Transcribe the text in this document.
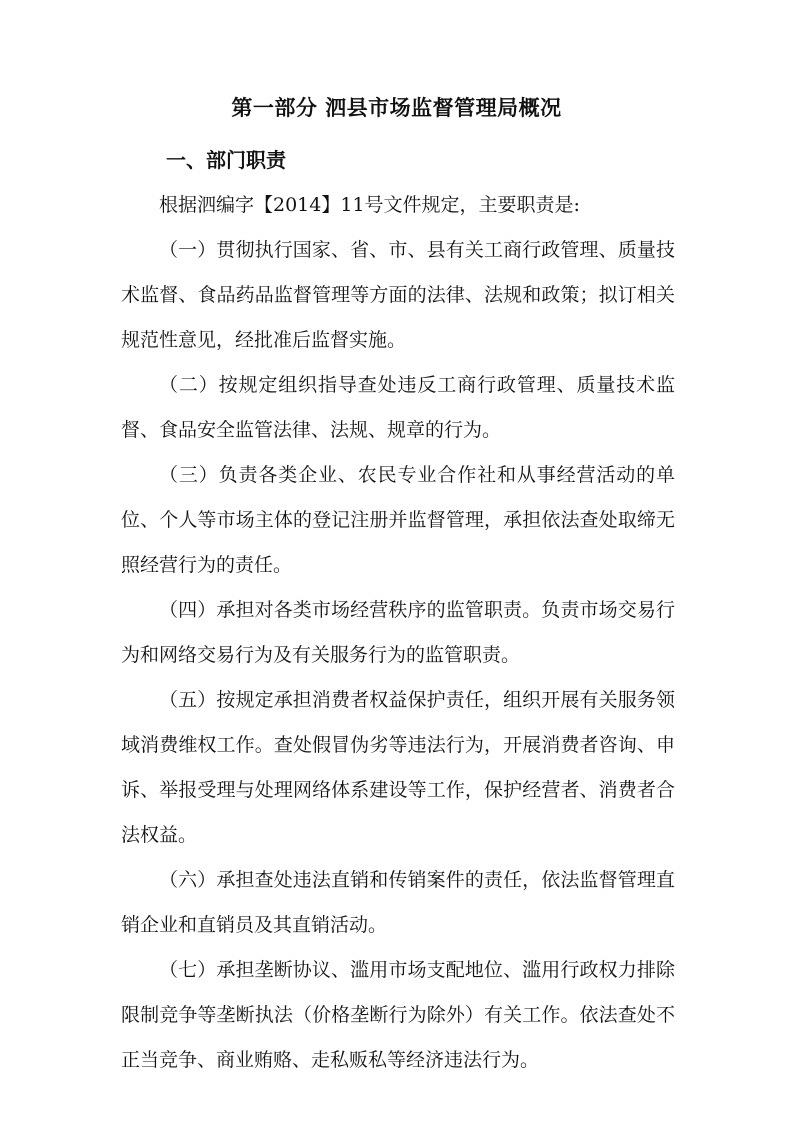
第一部分 泗县市场监督管理局概况
一、部门职责

根据泗编字【2014】11号文件规定，主要职责是:

（一）贯彻执行国家、省、市、县有关工商行政管理、质量技术监督、食品药品监督管理等方面的法律、法规和政策；拟订相关规范性意见，经批准后监督实施。

（二）按规定组织指导查处违反工商行政管理、质量技术监督、食品安全监管法律、法规、规章的行为。

（三）负责各类企业、农民专业合作社和从事经营活动的单位、个人等市场主体的登记注册并监督管理，承担依法查处取缔无照经营行为的责任。

（四）承担对各类市场经营秩序的监管职责。负责市场交易行为和网络交易行为及有关服务行为的监管职责。

（五）按规定承担消费者权益保护责任，组织开展有关服务领域消费维权工作。查处假冒伪劣等违法行为，开展消费者咨询、申诉、举报受理与处理网络体系建设等工作，保护经营者、消费者合法权益。

（六）承担查处违法直销和传销案件的责任，依法监督管理直销企业和直销员及其直销活动。

（七）承担垄断协议、滥用市场支配地位、滥用行政权力排除限制竞争等垄断执法（价格垄断行为除外）有关工作。依法查处不正当竞争、商业贿赂、走私贩私等经济违法行为。
